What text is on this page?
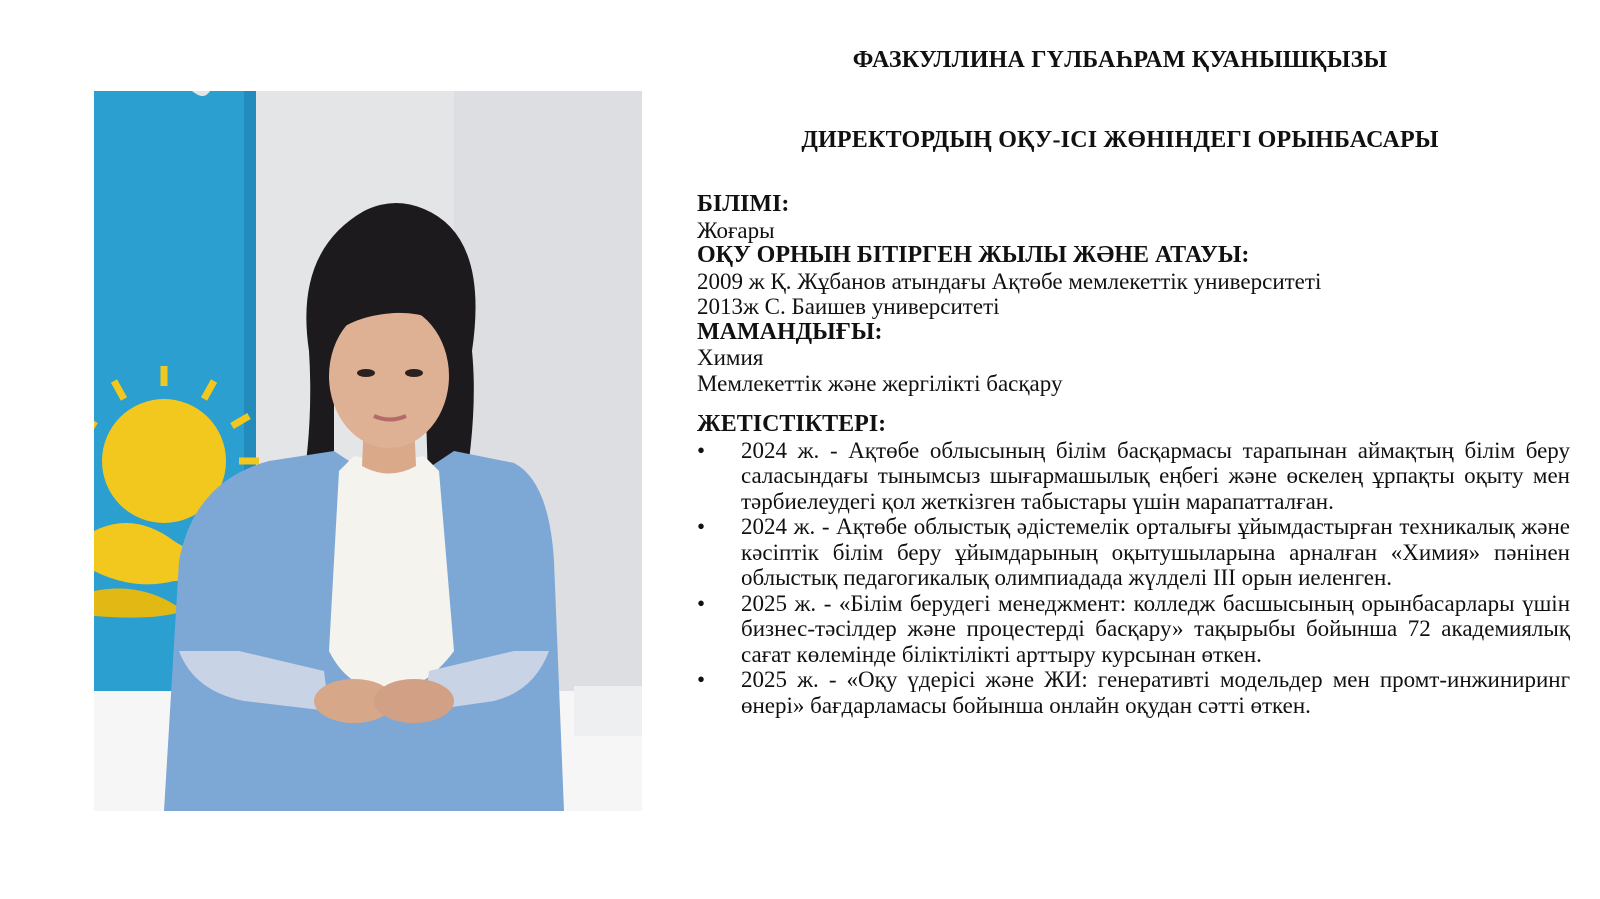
ФАЗКУЛЛИНА ГҮЛБАҺРАМ ҚУАНЫШҚЫЗЫ
ДИРЕКТОРДЫҢ ОҚУ-ІСІ ЖӨНІНДЕГІ ОРЫНБАСАРЫ
БІЛІМІ:
Жоғары
ОҚУ ОРНЫН БІТІРГЕН ЖЫЛЫ ЖӘНЕ АТАУЫ:
2009 ж Қ. Жұбанов атындағы Ақтөбе мемлекеттік университеті
2013ж С. Баишев университеті
МАМАНДЫҒЫ:
Химия
Мемлекеттік және жергілікті басқару
ЖЕТІСТІКТЕРІ:
•	2024 ж. - Ақтөбе облысының білім басқармасы тарапынан аймақтың білім беру саласындағы тынымсыз шығармашылық еңбегі және өскелең ұрпақты оқыту мен тәрбиелеудегі қол жеткізген табыстары үшін марапатталған.
•	2024 ж. - Ақтөбе облыстық әдістемелік орталығы ұйымдастырған техникалық және кәсіптік білім беру ұйымдарының оқытушыларына арналған «Химия» пәнінен облыстық педагогикалық олимпиадада жүлделі ІІІ орын иеленген.
•	2025 ж. - «Білім берудегі менеджмент: колледж басшысының орынбасарлары үшін бизнес-тәсілдер және процестерді басқару» тақырыбы бойынша 72 академиялық сағат көлемінде біліктілікті арттыру курсынан өткен.
•	2025 ж. - «Оқу үдерісі және ЖИ: генеративті модельдер мен промт-инжиниринг өнері» бағдарламасы бойынша онлайн оқудан сәтті өткен.
